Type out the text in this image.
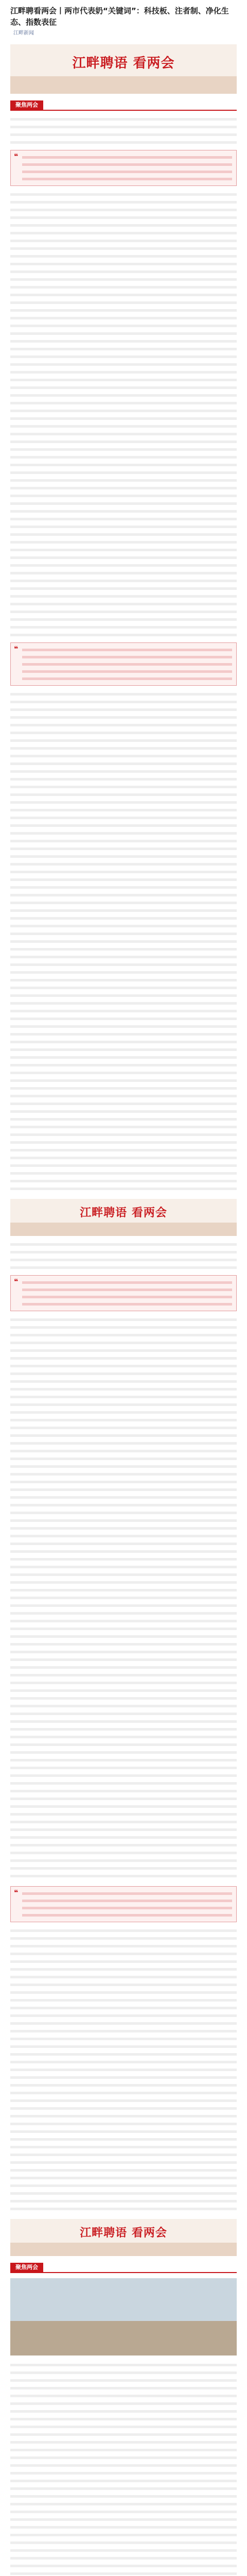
江畔聘看两会丨两市代表奶“关键词”：科技板、注者制、净化生态、指数表征
江畔新闻
江畔聘语 看两会
聚焦两会

❝
❝
江畔聘语 看两会
❝
❝
江畔聘语 看两会
聚焦两会
